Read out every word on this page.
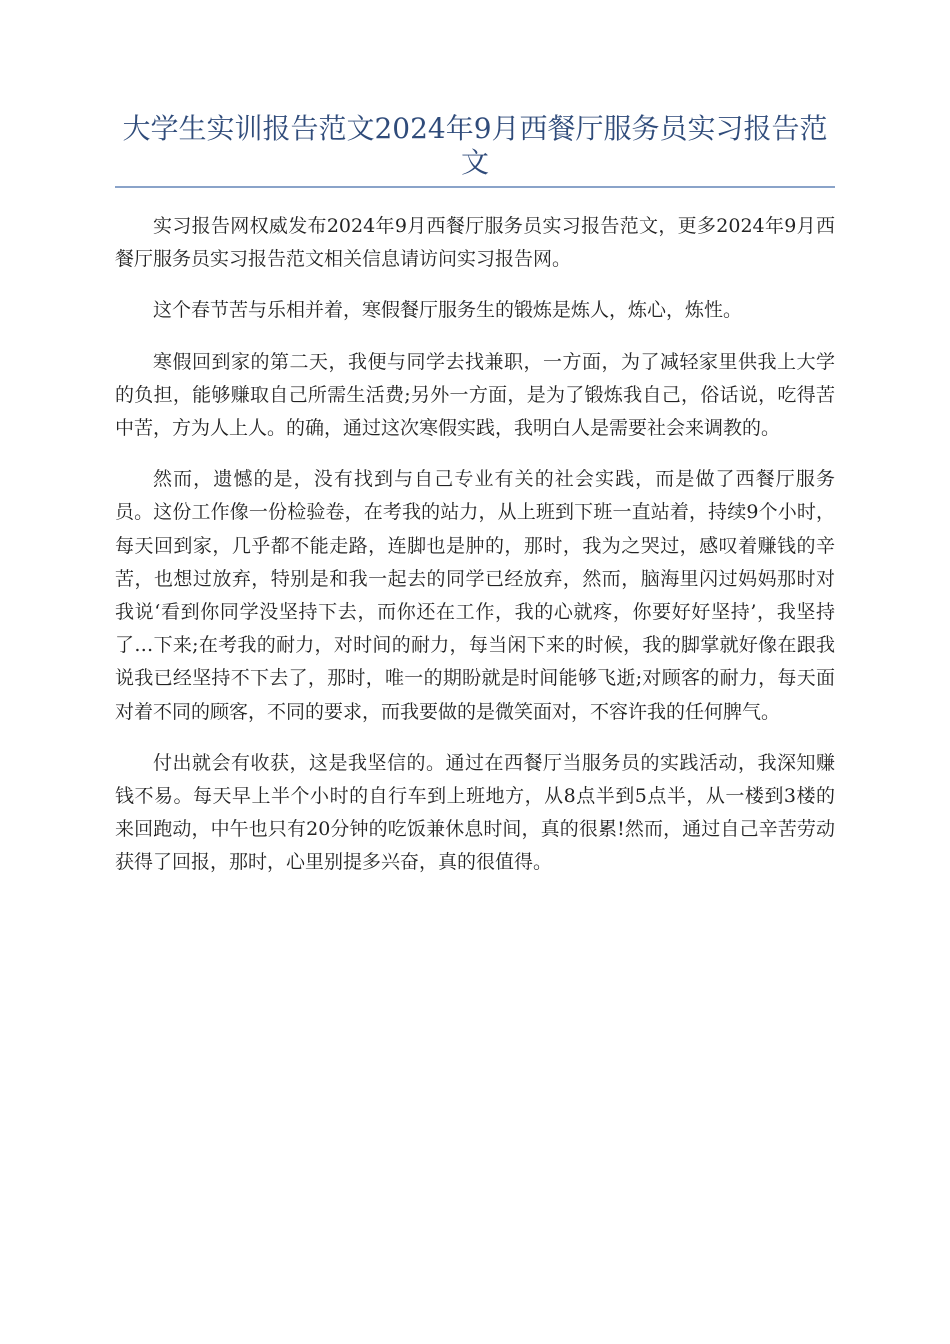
大学生实训报告范文2024年9月西餐厅服务员实习报告范文

实习报告网权威发布2024年9月西餐厅服务员实习报告范文，更多2024年9月西餐厅服务员实习报告范文相关信息请访问实习报告网。

这个春节苦与乐相并着，寒假餐厅服务生的锻炼是炼人，炼心，炼性。

寒假回到家的第二天，我便与同学去找兼职，一方面，为了减轻家里供我上大学的负担，能够赚取自己所需生活费;另外一方面，是为了锻炼我自己，俗话说，吃得苦中苦，方为人上人。的确，通过这次寒假实践，我明白人是需要社会来调教的。

然而，遗憾的是，没有找到与自己专业有关的社会实践，而是做了西餐厅服务员。这份工作像一份检验卷，在考我的站力，从上班到下班一直站着，持续9个小时，每天回到家，几乎都不能走路，连脚也是肿的，那时，我为之哭过，感叹着赚钱的辛苦，也想过放弃，特别是和我一起去的同学已经放弃，然而，脑海里闪过妈妈那时对我说‘看到你同学没坚持下去，而你还在工作，我的心就疼，你要好好坚持’，我坚持了…下来;在考我的耐力，对时间的耐力，每当闲下来的时候，我的脚掌就好像在跟我说我已经坚持不下去了，那时，唯一的期盼就是时间能够飞逝;对顾客的耐力，每天面对着不同的顾客，不同的要求，而我要做的是微笑面对，不容许我的任何脾气。

付出就会有收获，这是我坚信的。通过在西餐厅当服务员的实践活动，我深知赚钱不易。每天早上半个小时的自行车到上班地方，从8点半到5点半，从一楼到3楼的来回跑动，中午也只有20分钟的吃饭兼休息时间，真的很累!然而，通过自己辛苦劳动获得了回报，那时，心里别提多兴奋，真的很值得。
